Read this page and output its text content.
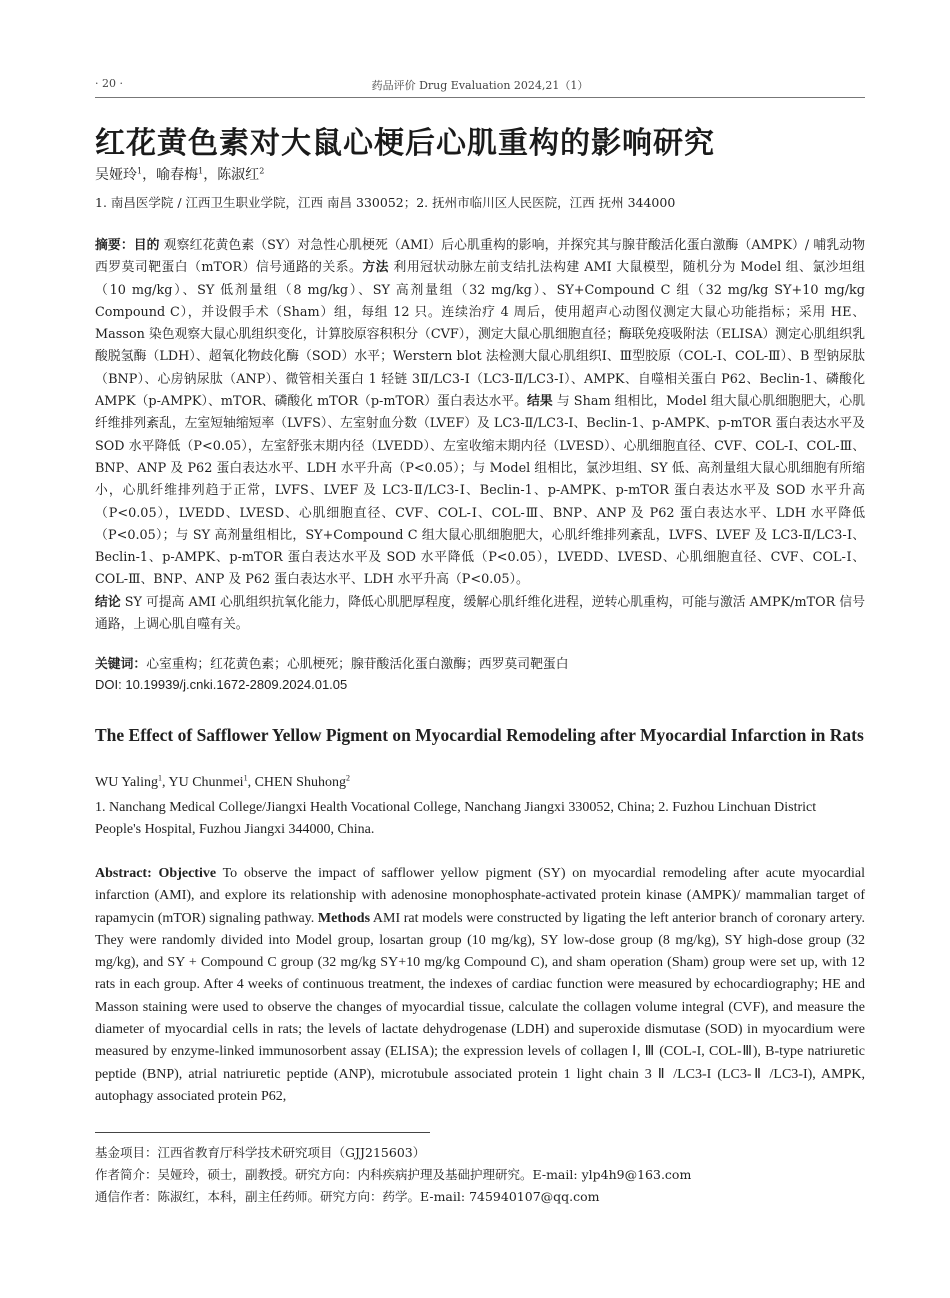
· 20 ·	药品评价 Drug Evaluation 2024,21（1）
红花黄色素对大鼠心梗后心肌重构的影响研究
吴娅玲$^1$，喻春梅$^1$，陈淑红$^2$
1. 南昌医学院 / 江西卫生职业学院，江西 南昌 330052；2. 抚州市临川区人民医院，江西 抚州 344000
摘要：目的 观察红花黄色素（SY）对急性心肌梗死（AMI）后心肌重构的影响，并探究其与腺苷酸活化蛋白激酶（AMPK）/ 哺乳动物西罗莫司靶蛋白（mTOR）信号通路的关系。方法 利用冠状动脉左前支结扎法构建 AMI 大鼠模型，随机分为 Model 组、氯沙坦组（10 mg/kg）、SY 低剂量组（8 mg/kg）、SY 高剂量组（32 mg/kg）、SY+Compound C 组（32 mg/kg SY+10 mg/kg Compound C），并设假手术（Sham）组，每组 12 只。连续治疗 4 周后，使用超声心动图仪测定大鼠心功能指标；采用 HE、Masson 染色观察大鼠心肌组织变化，计算胶原容积积分（CVF），测定大鼠心肌细胞直径；酶联免疫吸附法（ELISA）测定心肌组织乳酸脱氢酶（LDH）、超氧化物歧化酶（SOD）水平；Werstern blot 法检测大鼠心肌组织Ⅰ、Ⅲ型胶原（COL-Ⅰ、COL-Ⅲ）、B 型钠尿肽（BNP）、心房钠尿肽（ANP）、微管相关蛋白 1 轻链 3Ⅱ/LC3-Ⅰ（LC3-Ⅱ/LC3-Ⅰ）、AMPK、自噬相关蛋白 P62、Beclin-1、磷酸化 AMPK（p-AMPK）、mTOR、磷酸化 mTOR（p-mTOR）蛋白表达水平。结果 与 Sham 组相比，Model 组大鼠心肌细胞肥大，心肌纤维排列紊乱，左室短轴缩短率（LVFS）、左室射血分数（LVEF）及 LC3-Ⅱ/LC3-Ⅰ、Beclin-1、p-AMPK、p-mTOR 蛋白表达水平及 SOD 水平降低（P<0.05），左室舒张末期内径（LVEDD）、左室收缩末期内径（LVESD）、心肌细胞直径、CVF、COL-Ⅰ、COL-Ⅲ、BNP、ANP 及 P62 蛋白表达水平、LDH 水平升高（P<0.05）；与 Model 组相比，氯沙坦组、SY 低、高剂量组大鼠心肌细胞有所缩小，心肌纤维排列趋于正常，LVFS、LVEF 及 LC3-Ⅱ/LC3-Ⅰ、Beclin-1、p-AMPK、p-mTOR 蛋白表达水平及 SOD 水平升高（P<0.05），LVEDD、LVESD、心肌细胞直径、CVF、COL-Ⅰ、COL-Ⅲ、BNP、ANP 及 P62 蛋白表达水平、LDH 水平降低（P<0.05）；与 SY 高剂量组相比，SY+Compound C 组大鼠心肌细胞肥大，心肌纤维排列紊乱，LVFS、LVEF 及 LC3-Ⅱ/LC3-Ⅰ、Beclin-1、p-AMPK、p-mTOR 蛋白表达水平及 SOD 水平降低（P<0.05），LVEDD、LVESD、心肌细胞直径、CVF、COL-Ⅰ、COL-Ⅲ、BNP、ANP 及 P62 蛋白表达水平、LDH 水平升高（P<0.05）。
结论 SY 可提高 AMI 心肌组织抗氧化能力，降低心肌肥厚程度，缓解心肌纤维化进程，逆转心肌重构，可能与激活 AMPK/mTOR 信号通路，上调心肌自噬有关。
关键词：心室重构；红花黄色素；心肌梗死；腺苷酸活化蛋白激酶；西罗莫司靶蛋白
DOI: 10.19939/j.cnki.1672-2809.2024.01.05
The Effect of Safflower Yellow Pigment on Myocardial Remodeling after Myocardial Infarction in Rats
WU Yaling$^1$, YU Chunmei$^1$, CHEN Shuhong$^2$
1. Nanchang Medical College/Jiangxi Health Vocational College, Nanchang Jiangxi 330052, China; 2. Fuzhou Linchuan District People's Hospital, Fuzhou Jiangxi 344000, China.
Abstract: Objective To observe the impact of safflower yellow pigment (SY) on myocardial remodeling after acute myocardial infarction (AMI), and explore its relationship with adenosine monophosphate-activated protein kinase (AMPK)/ mammalian target of rapamycin (mTOR) signaling pathway. Methods AMI rat models were constructed by ligating the left anterior branch of coronary artery. They were randomly divided into Model group, losartan group (10 mg/kg), SY low-dose group (8 mg/kg), SY high-dose group (32 mg/kg), and SY + Compound C group (32 mg/kg SY+10 mg/kg Compound C), and sham operation (Sham) group were set up, with 12 rats in each group. After 4 weeks of continuous treatment, the indexes of cardiac function were measured by echocardiography; HE and Masson staining were used to observe the changes of myocardial tissue, calculate the collagen volume integral (CVF), and measure the diameter of myocardial cells in rats; the levels of lactate dehydrogenase (LDH) and superoxide dismutase (SOD) in myocardium were measured by enzyme-linked immunosorbent assay (ELISA); the expression levels of collagen Ⅰ, Ⅲ (COL-I, COL-Ⅲ), B-type natriuretic peptide (BNP), atrial natriuretic peptide (ANP), microtubule associated protein 1 light chain 3 Ⅱ /LC3-I (LC3-Ⅱ /LC3-I), AMPK, autophagy associated protein P62,
基金项目：江西省教育厅科学技术研究项目（GJJ215603）
作者简介：吴娅玲，硕士，副教授。研究方向：内科疾病护理及基础护理研究。E-mail: ylp4h9@163.com
通信作者：陈淑红，本科，副主任药师。研究方向：药学。E-mail: 745940107@qq.com
